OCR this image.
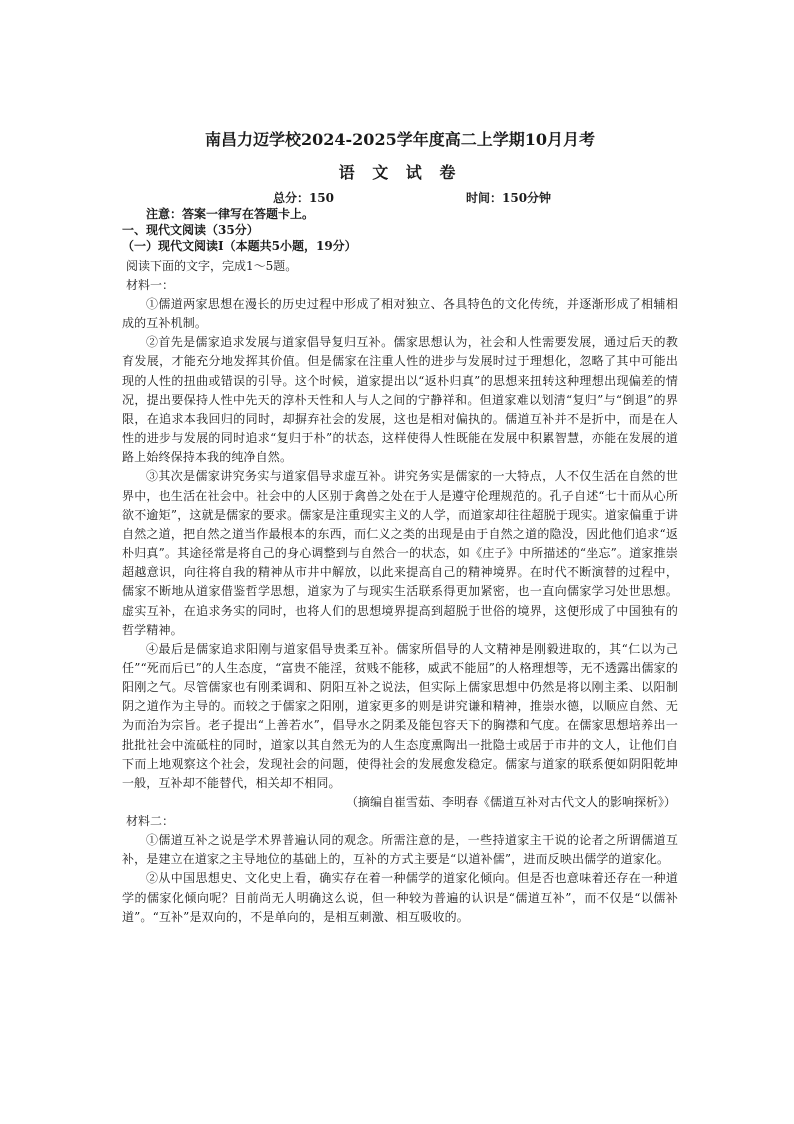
南昌力迈学校2024-2025学年度高二上学期10月月考
语 文 试 卷
总分：150	时间：150分钟
注意：答案一律写在答题卡上。
一、现代文阅读（35分）
（一）现代文阅读Ⅰ（本题共5小题，19分）
阅读下面的文字，完成1～5题。
材料一：

①儒道两家思想在漫长的历史过程中形成了相对独立、各具特色的文化传统，并逐渐形成了相辅相成的互补机制。

②首先是儒家追求发展与道家倡导复归互补。儒家思想认为，社会和人性需要发展，通过后天的教育发展，才能充分地发挥其价值。但是儒家在注重人性的进步与发展时过于理想化，忽略了其中可能出现的人性的扭曲或错误的引导。这个时候，道家提出以“返朴归真”的思想来扭转这种理想出现偏差的情况，提出要保持人性中先天的淳朴天性和人与人之间的宁静祥和。但道家难以划清“复归”与“倒退”的界限，在追求本我回归的同时，却摒弃社会的发展，这也是相对偏执的。儒道互补并不是折中，而是在人性的进步与发展的同时追求“复归于朴”的状态，这样使得人性既能在发展中积累智慧，亦能在发展的道路上始终保持本我的纯净自然。

③其次是儒家讲究务实与道家倡导求虚互补。讲究务实是儒家的一大特点，人不仅生活在自然的世界中，也生活在社会中。社会中的人区别于禽兽之处在于人是遵守伦理规范的。孔子自述“七十而从心所欲不逾矩”，这就是儒家的要求。儒家是注重现实主义的人学，而道家却往往超脱于现实。道家偏重于讲自然之道，把自然之道当作最根本的东西，而仁义之类的出现是由于自然之道的隐没，因此他们追求“返朴归真”。其途径常是将自己的身心调整到与自然合一的状态，如《庄子》中所描述的“坐忘”。道家推崇超越意识，向往将自我的精神从市井中解放，以此来提高自己的精神境界。在时代不断演替的过程中，儒家不断地从道家借鉴哲学思想，道家为了与现实生活联系得更加紧密，也一直向儒家学习处世思想。虚实互补，在追求务实的同时，也将人们的思想境界提高到超脱于世俗的境界，这便形成了中国独有的哲学精神。

④最后是儒家追求阳刚与道家倡导贵柔互补。儒家所倡导的人文精神是刚毅进取的，其“仁以为己任”“死而后已”的人生态度，“富贵不能淫，贫贱不能移，威武不能屈”的人格理想等，无不透露出儒家的阳刚之气。尽管儒家也有刚柔调和、阴阳互补之说法，但实际上儒家思想中仍然是将以刚主柔、以阳制阴之道作为主导的。而较之于儒家之阳刚，道家更多的则是讲究谦和精神，推崇水德，以顺应自然、无为而治为宗旨。老子提出“上善若水”，倡导水之阴柔及能包容天下的胸襟和气度。在儒家思想培养出一批批社会中流砥柱的同时，道家以其自然无为的人生态度熏陶出一批隐士或居于市井的文人，让他们自下而上地观察这个社会，发现社会的问题，使得社会的发展愈发稳定。儒家与道家的联系便如阴阳乾坤一般，互补却不能替代，相关却不相同。

（摘编自崔雪茹、李明春《儒道互补对古代文人的影响探析》）
材料二：

①儒道互补之说是学术界普遍认同的观念。所需注意的是，一些持道家主干说的论者之所谓儒道互补，是建立在道家之主导地位的基础上的，互补的方式主要是“以道补儒”，进而反映出儒学的道家化。

②从中国思想史、文化史上看，确实存在着一种儒学的道家化倾向。但是否也意味着还存在一种道学的儒家化倾向呢？目前尚无人明确这么说，但一种较为普遍的认识是“儒道互补”，而不仅是“以儒补道”。“互补”是双向的，不是单向的，是相互刺激、相互吸收的。
